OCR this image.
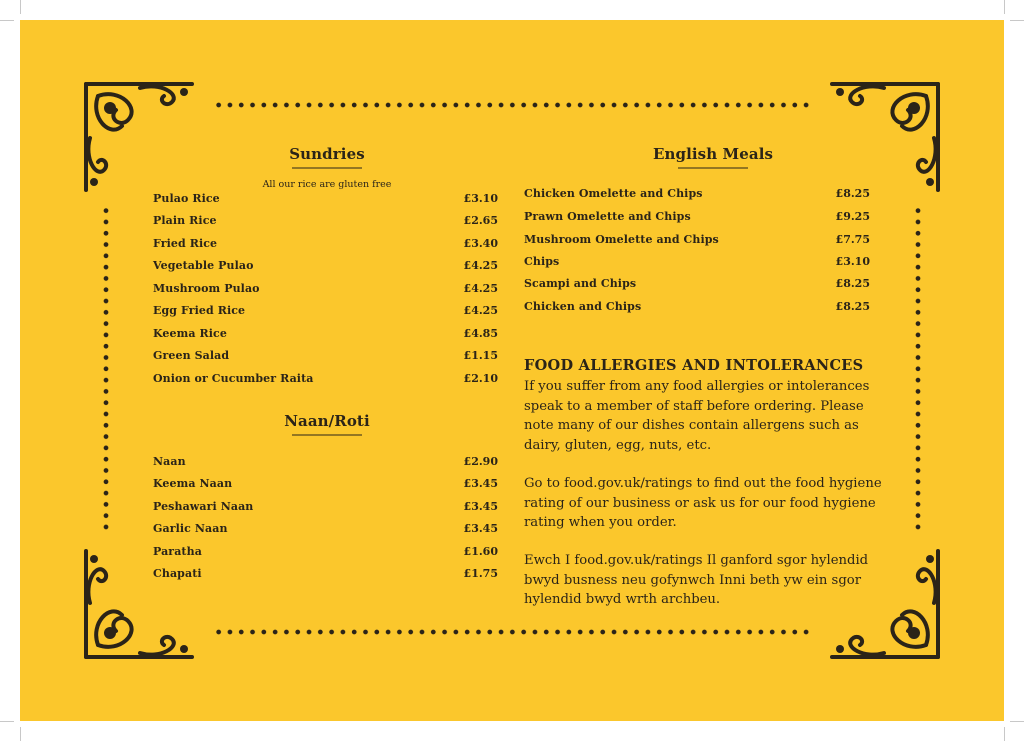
Sundries
All our rice are gluten free
Pulao Rice	£3.10
Plain Rice	£2.65
Fried Rice	£3.40
Vegetable Pulao	£4.25
Mushroom Pulao	£4.25
Egg Fried Rice	£4.25
Keema Rice	£4.85
Green Salad	£1.15
Onion or Cucumber Raita	£2.10
Naan/Roti
Naan	£2.90
Keema Naan	£3.45
Peshawari Naan	£3.45
Garlic Naan	£3.45
Paratha	£1.60
Chapati	£1.75
English Meals
Chicken Omelette and Chips	£8.25
Prawn Omelette and Chips	£9.25
Mushroom Omelette and Chips	£7.75
Chips	£3.10
Scampi and Chips	£8.25
Chicken and Chips	£8.25
FOOD ALLERGIES AND INTOLERANCES
If you suffer from any food allergies or intolerances
speak to a member of staff before ordering. Please
note many of our dishes contain allergens such as
dairy, gluten, egg, nuts, etc.
Go to food.gov.uk/ratings to find out the food hygiene
rating of our business or ask us for our food hygiene
rating when you order.
Ewch I food.gov.uk/ratings Il ganford sgor hylendid
bwyd busness neu gofynwch Inni beth yw ein sgor
hylendid bwyd wrth archbeu.
